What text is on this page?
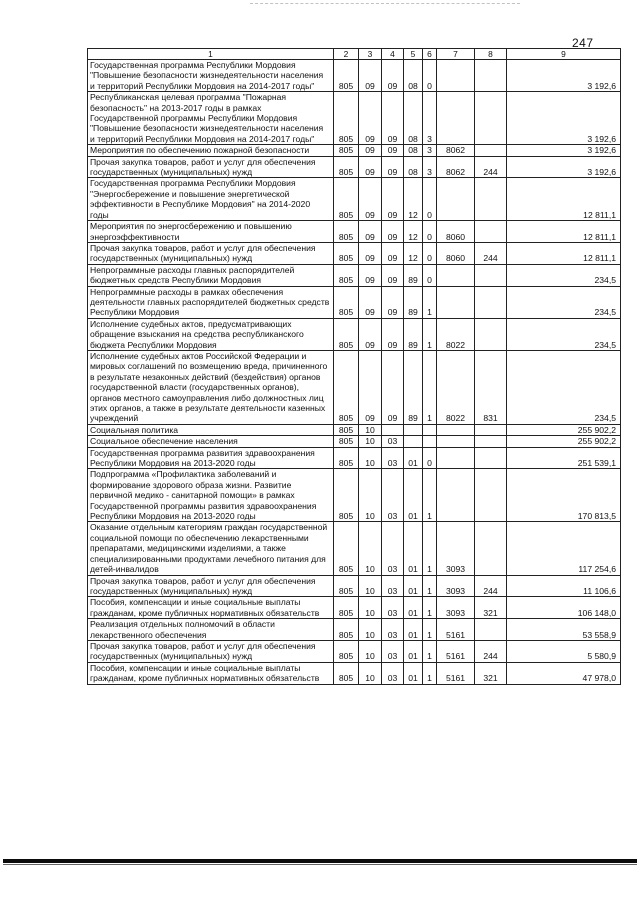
247
1	2	3	4	5	6	7	8	9
Государственная программа Республики Мордовия "Повышение безопасности жизнедеятельности населения и территорий Республики Мордовия на 2014-2017 годы"	805	09	09	08	0			3 192,6
Республиканская целевая программа "Пожарная безопасность" на 2013-2017 годы в рамках Государственной программы Республики Мордовия "Повышение безопасности жизнедеятельности населения и территорий Республики Мордовия на 2014-2017 годы"	805	09	09	08	3			3 192,6
Мероприятия по обеспечению пожарной безопасности	805	09	09	08	3	8062		3 192,6
Прочая закупка товаров, работ и услуг для обеспечения государственных (муниципальных) нужд	805	09	09	08	3	8062	244	3 192,6
Государственная программа Республики Мордовия "Энергосбережение и повышение энергетической эффективности в Республике Мордовия" на 2014-2020 годы	805	09	09	12	0			12 811,1
Мероприятия по энергосбережению и повышению энергоэффективности	805	09	09	12	0	8060		12 811,1
Прочая закупка товаров, работ и услуг для обеспечения государственных (муниципальных) нужд	805	09	09	12	0	8060	244	12 811,1
Непрограммные расходы главных распорядителей бюджетных средств Республики Мордовия	805	09	09	89	0			234,5
Непрограммные расходы в рамках обеспечения деятельности главных распорядителей бюджетных средств Республики Мордовия	805	09	09	89	1			234,5
Исполнение судебных актов, предусматривающих обращение взыскания на средства республиканского бюджета Республики Мордовия	805	09	09	89	1	8022		234,5
Исполнение судебных актов Российской Федерации и мировых соглашений по возмещению вреда, причиненного в результате незаконных действий (бездействия) органов государственной власти (государственных органов), органов местного самоуправления либо должностных лиц этих органов, а также в результате деятельности казенных учреждений	805	09	09	89	1	8022	831	234,5
Социальная политика	805	10						255 902,2
Социальное обеспечение населения	805	10	03					255 902,2
Государственная программа развития здравоохранения Республики Мордовия на 2013-2020 годы	805	10	03	01	0			251 539,1
Подпрограмма «Профилактика заболеваний и формирование здорового образа жизни. Развитие первичной медико - санитарной помощи» в рамках Государственной программы развития здравоохранения Республики Мордовия на 2013-2020 годы	805	10	03	01	1			170 813,5
Оказание отдельным категориям граждан государственной социальной помощи по обеспечению лекарственными препаратами, медицинскими изделиями, а также специализированными продуктами лечебного питания для детей-инвалидов	805	10	03	01	1	3093		117 254,6
Прочая закупка товаров, работ и услуг для обеспечения государственных (муниципальных) нужд	805	10	03	01	1	3093	244	11 106,6
Пособия, компенсации и иные социальные выплаты гражданам, кроме публичных нормативных обязательств	805	10	03	01	1	3093	321	106 148,0
Реализация отдельных полномочий в области лекарственного обеспечения	805	10	03	01	1	5161		53 558,9
Прочая закупка товаров, работ и услуг для обеспечения государственных (муниципальных) нужд	805	10	03	01	1	5161	244	5 580,9
Пособия, компенсации и иные социальные выплаты гражданам, кроме публичных нормативных обязательств	805	10	03	01	1	5161	321	47 978,0
